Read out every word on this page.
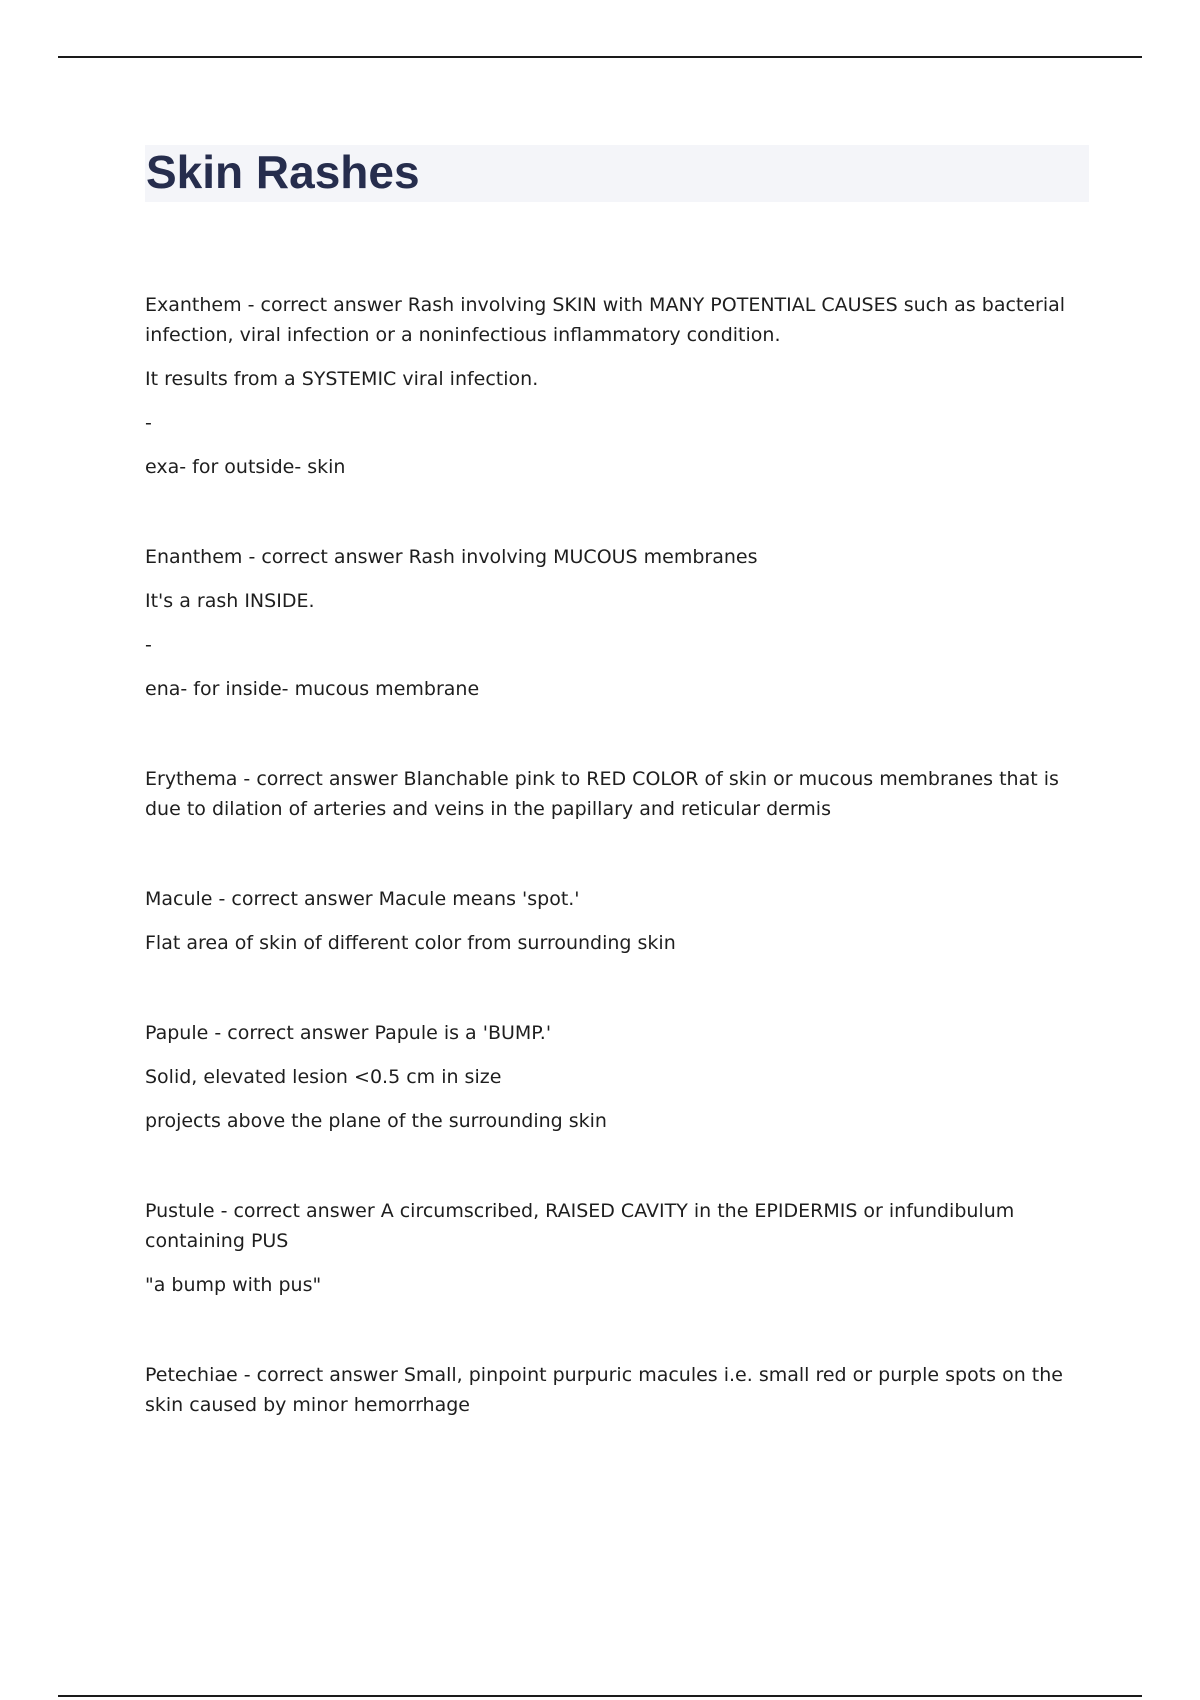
Skin Rashes

Exanthem - correct answer Rash involving SKIN with MANY POTENTIAL CAUSES such as bacterial infection, viral infection or a noninfectious inflammatory condition.

It results from a SYSTEMIC viral infection.

-

exa- for outside- skin

Enanthem - correct answer Rash involving MUCOUS membranes

It's a rash INSIDE.

-

ena- for inside- mucous membrane

Erythema - correct answer Blanchable pink to RED COLOR of skin or mucous membranes that is due to dilation of arteries and veins in the papillary and reticular dermis

Macule - correct answer Macule means 'spot.'

Flat area of skin of different color from surrounding skin

Papule - correct answer Papule is a 'BUMP.'

Solid, elevated lesion <0.5 cm in size

projects above the plane of the surrounding skin

Pustule - correct answer A circumscribed, RAISED CAVITY in the EPIDERMIS or infundibulum containing PUS

"a bump with pus"

Petechiae - correct answer Small, pinpoint purpuric macules i.e. small red or purple spots on the skin caused by minor hemorrhage
